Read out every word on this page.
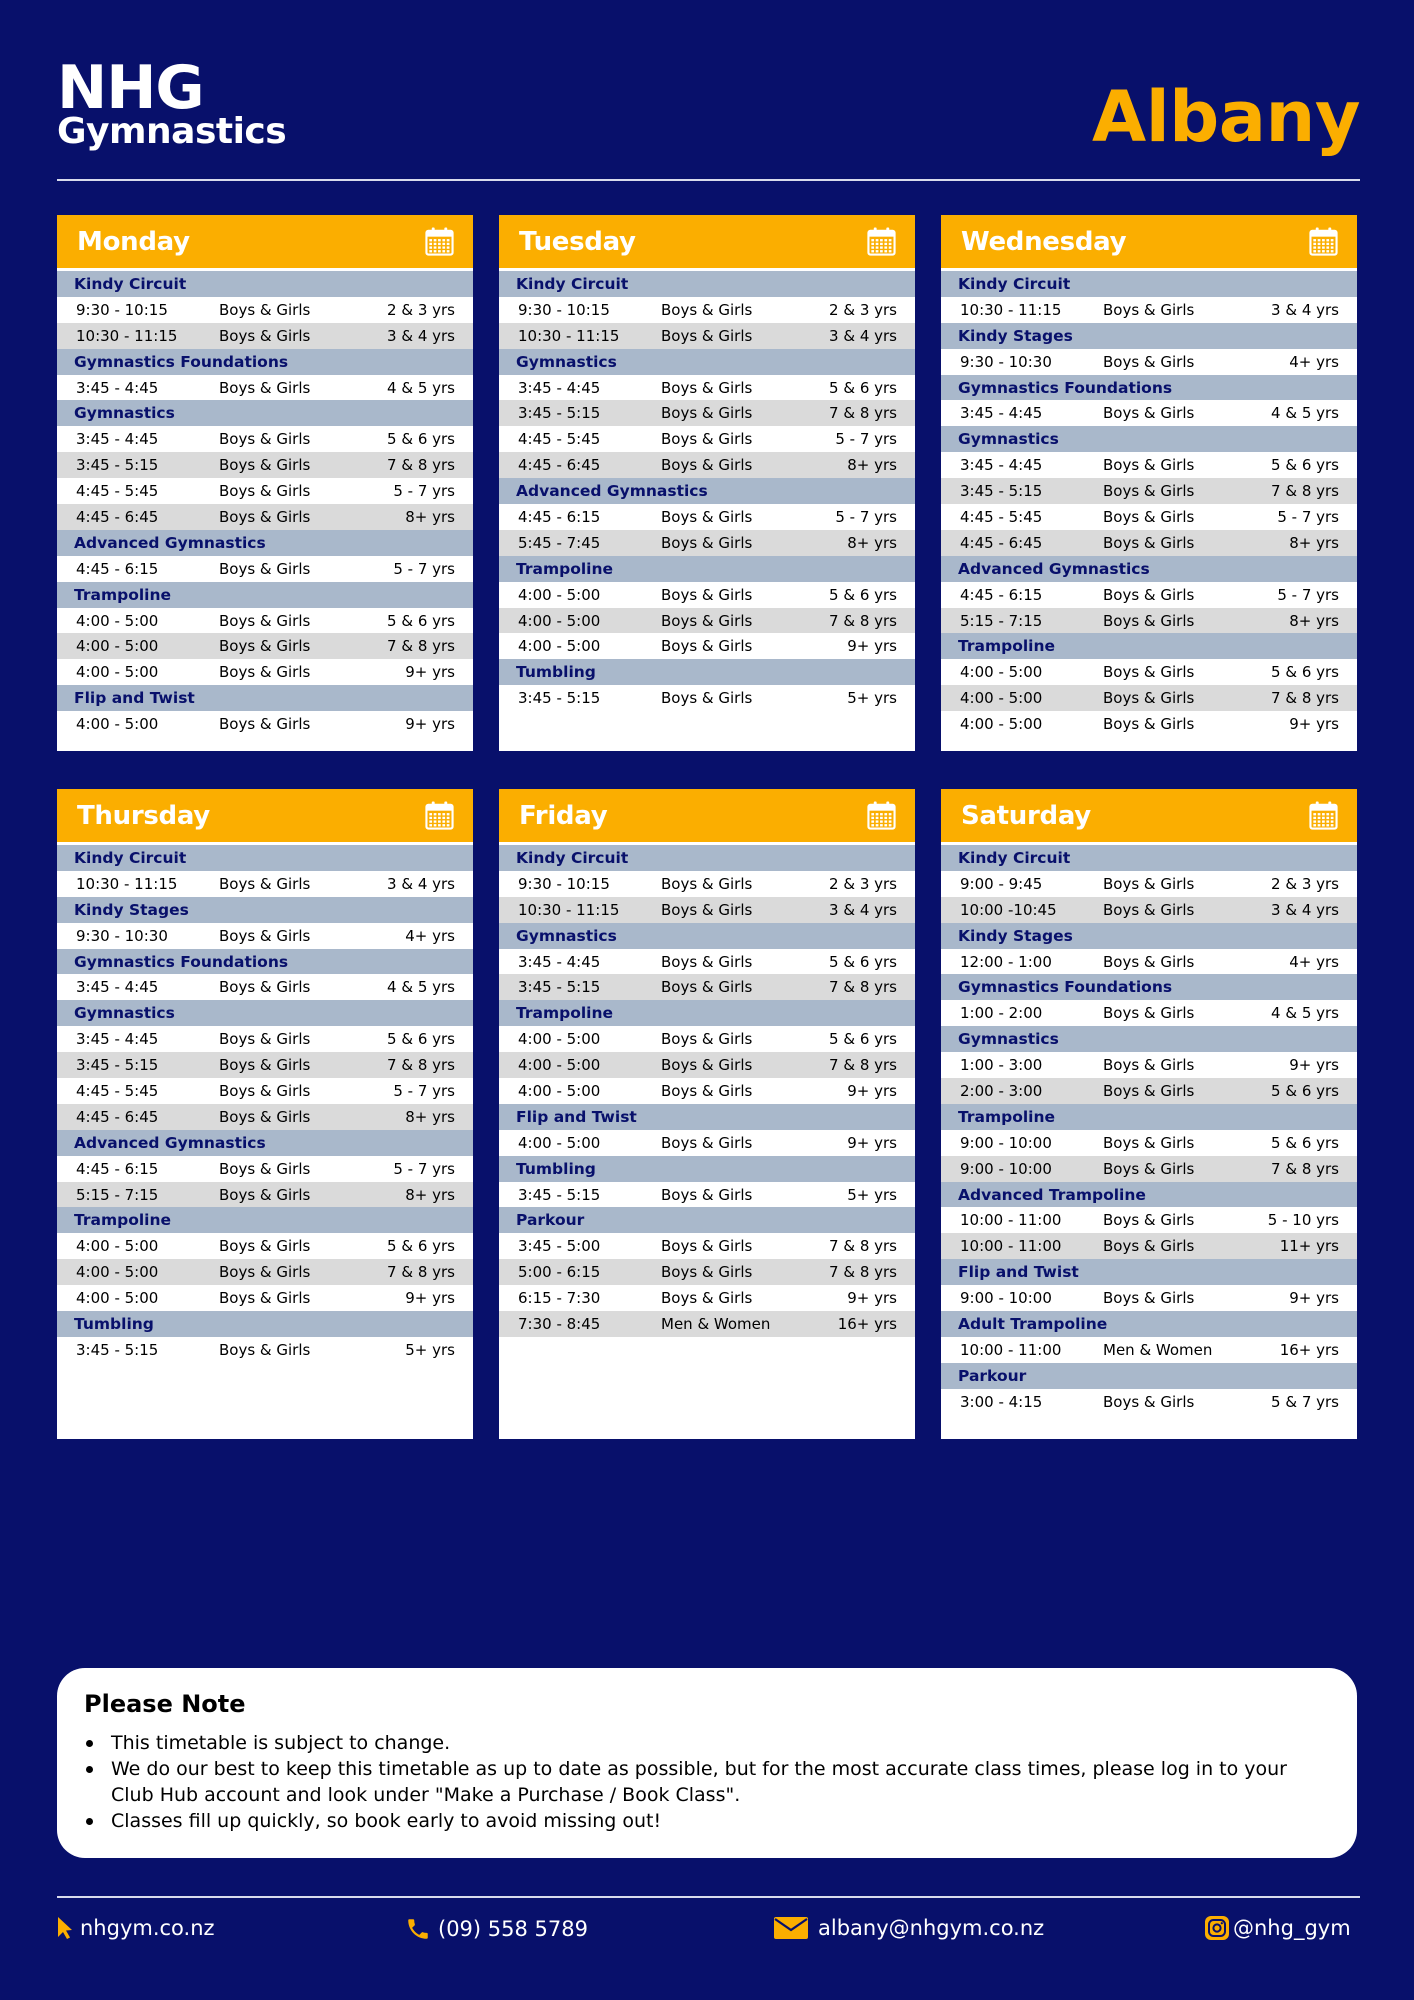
NHG
Gymnastics	Albany
Monday
Kindy Circuit
9:30 - 10:15	Boys & Girls	2 & 3 yrs
10:30 - 11:15	Boys & Girls	3 & 4 yrs
Gymnastics Foundations
3:45 - 4:45	Boys & Girls	4 & 5 yrs
Gymnastics
3:45 - 4:45	Boys & Girls	5 & 6 yrs
3:45 - 5:15	Boys & Girls	7 & 8 yrs
4:45 - 5:45	Boys & Girls	5 - 7 yrs
4:45 - 6:45	Boys & Girls	8+ yrs
Advanced Gymnastics
4:45 - 6:15	Boys & Girls	5 - 7 yrs
Trampoline
4:00 - 5:00	Boys & Girls	5 & 6 yrs
4:00 - 5:00	Boys & Girls	7 & 8 yrs
4:00 - 5:00	Boys & Girls	9+ yrs
Flip and Twist
4:00 - 5:00	Boys & Girls	9+ yrs
Tuesday
Kindy Circuit
9:30 - 10:15	Boys & Girls	2 & 3 yrs
10:30 - 11:15	Boys & Girls	3 & 4 yrs
Gymnastics
3:45 - 4:45	Boys & Girls	5 & 6 yrs
3:45 - 5:15	Boys & Girls	7 & 8 yrs
4:45 - 5:45	Boys & Girls	5 - 7 yrs
4:45 - 6:45	Boys & Girls	8+ yrs
Advanced Gymnastics
4:45 - 6:15	Boys & Girls	5 - 7 yrs
5:45 - 7:45	Boys & Girls	8+ yrs
Trampoline
4:00 - 5:00	Boys & Girls	5 & 6 yrs
4:00 - 5:00	Boys & Girls	7 & 8 yrs
4:00 - 5:00	Boys & Girls	9+ yrs
Tumbling
3:45 - 5:15	Boys & Girls	5+ yrs
Wednesday
Kindy Circuit
10:30 - 11:15	Boys & Girls	3 & 4 yrs
Kindy Stages
9:30 - 10:30	Boys & Girls	4+ yrs
Gymnastics Foundations
3:45 - 4:45	Boys & Girls	4 & 5 yrs
Gymnastics
3:45 - 4:45	Boys & Girls	5 & 6 yrs
3:45 - 5:15	Boys & Girls	7 & 8 yrs
4:45 - 5:45	Boys & Girls	5 - 7 yrs
4:45 - 6:45	Boys & Girls	8+ yrs
Advanced Gymnastics
4:45 - 6:15	Boys & Girls	5 - 7 yrs
5:15 - 7:15	Boys & Girls	8+ yrs
Trampoline
4:00 - 5:00	Boys & Girls	5 & 6 yrs
4:00 - 5:00	Boys & Girls	7 & 8 yrs
4:00 - 5:00	Boys & Girls	9+ yrs
Thursday
Kindy Circuit
10:30 - 11:15	Boys & Girls	3 & 4 yrs
Kindy Stages
9:30 - 10:30	Boys & Girls	4+ yrs
Gymnastics Foundations
3:45 - 4:45	Boys & Girls	4 & 5 yrs
Gymnastics
3:45 - 4:45	Boys & Girls	5 & 6 yrs
3:45 - 5:15	Boys & Girls	7 & 8 yrs
4:45 - 5:45	Boys & Girls	5 - 7 yrs
4:45 - 6:45	Boys & Girls	8+ yrs
Advanced Gymnastics
4:45 - 6:15	Boys & Girls	5 - 7 yrs
5:15 - 7:15	Boys & Girls	8+ yrs
Trampoline
4:00 - 5:00	Boys & Girls	5 & 6 yrs
4:00 - 5:00	Boys & Girls	7 & 8 yrs
4:00 - 5:00	Boys & Girls	9+ yrs
Tumbling
3:45 - 5:15	Boys & Girls	5+ yrs
Friday
Kindy Circuit
9:30 - 10:15	Boys & Girls	2 & 3 yrs
10:30 - 11:15	Boys & Girls	3 & 4 yrs
Gymnastics
3:45 - 4:45	Boys & Girls	5 & 6 yrs
3:45 - 5:15	Boys & Girls	7 & 8 yrs
Trampoline
4:00 - 5:00	Boys & Girls	5 & 6 yrs
4:00 - 5:00	Boys & Girls	7 & 8 yrs
4:00 - 5:00	Boys & Girls	9+ yrs
Flip and Twist
4:00 - 5:00	Boys & Girls	9+ yrs
Tumbling
3:45 - 5:15	Boys & Girls	5+ yrs
Parkour
3:45 - 5:00	Boys & Girls	7 & 8 yrs
5:00 - 6:15	Boys & Girls	7 & 8 yrs
6:15 - 7:30	Boys & Girls	9+ yrs
7:30 - 8:45	Men & Women	16+ yrs
Saturday
Kindy Circuit
9:00 - 9:45	Boys & Girls	2 & 3 yrs
10:00 -10:45	Boys & Girls	3 & 4 yrs
Kindy Stages
12:00 - 1:00	Boys & Girls	4+ yrs
Gymnastics Foundations
1:00 - 2:00	Boys & Girls	4 & 5 yrs
Gymnastics
1:00 - 3:00	Boys & Girls	9+ yrs
2:00 - 3:00	Boys & Girls	5 & 6 yrs
Trampoline
9:00 - 10:00	Boys & Girls	5 & 6 yrs
9:00 - 10:00	Boys & Girls	7 & 8 yrs
Advanced Trampoline
10:00 - 11:00	Boys & Girls	5 - 10 yrs
10:00 - 11:00	Boys & Girls	11+ yrs
Flip and Twist
9:00 - 10:00	Boys & Girls	9+ yrs
Adult Trampoline
10:00 - 11:00	Men & Women	16+ yrs
Parkour
3:00 - 4:15	Boys & Girls	5 & 7 yrs
Please Note
This timetable is subject to change.
We do our best to keep this timetable as up to date as possible, but for the most accurate class times, please log in to your Club Hub account and look under "Make a Purchase / Book Class".
Classes fill up quickly, so book early to avoid missing out!
nhgym.co.nz	(09) 558 5789	albany@nhgym.co.nz	@nhg_gym
